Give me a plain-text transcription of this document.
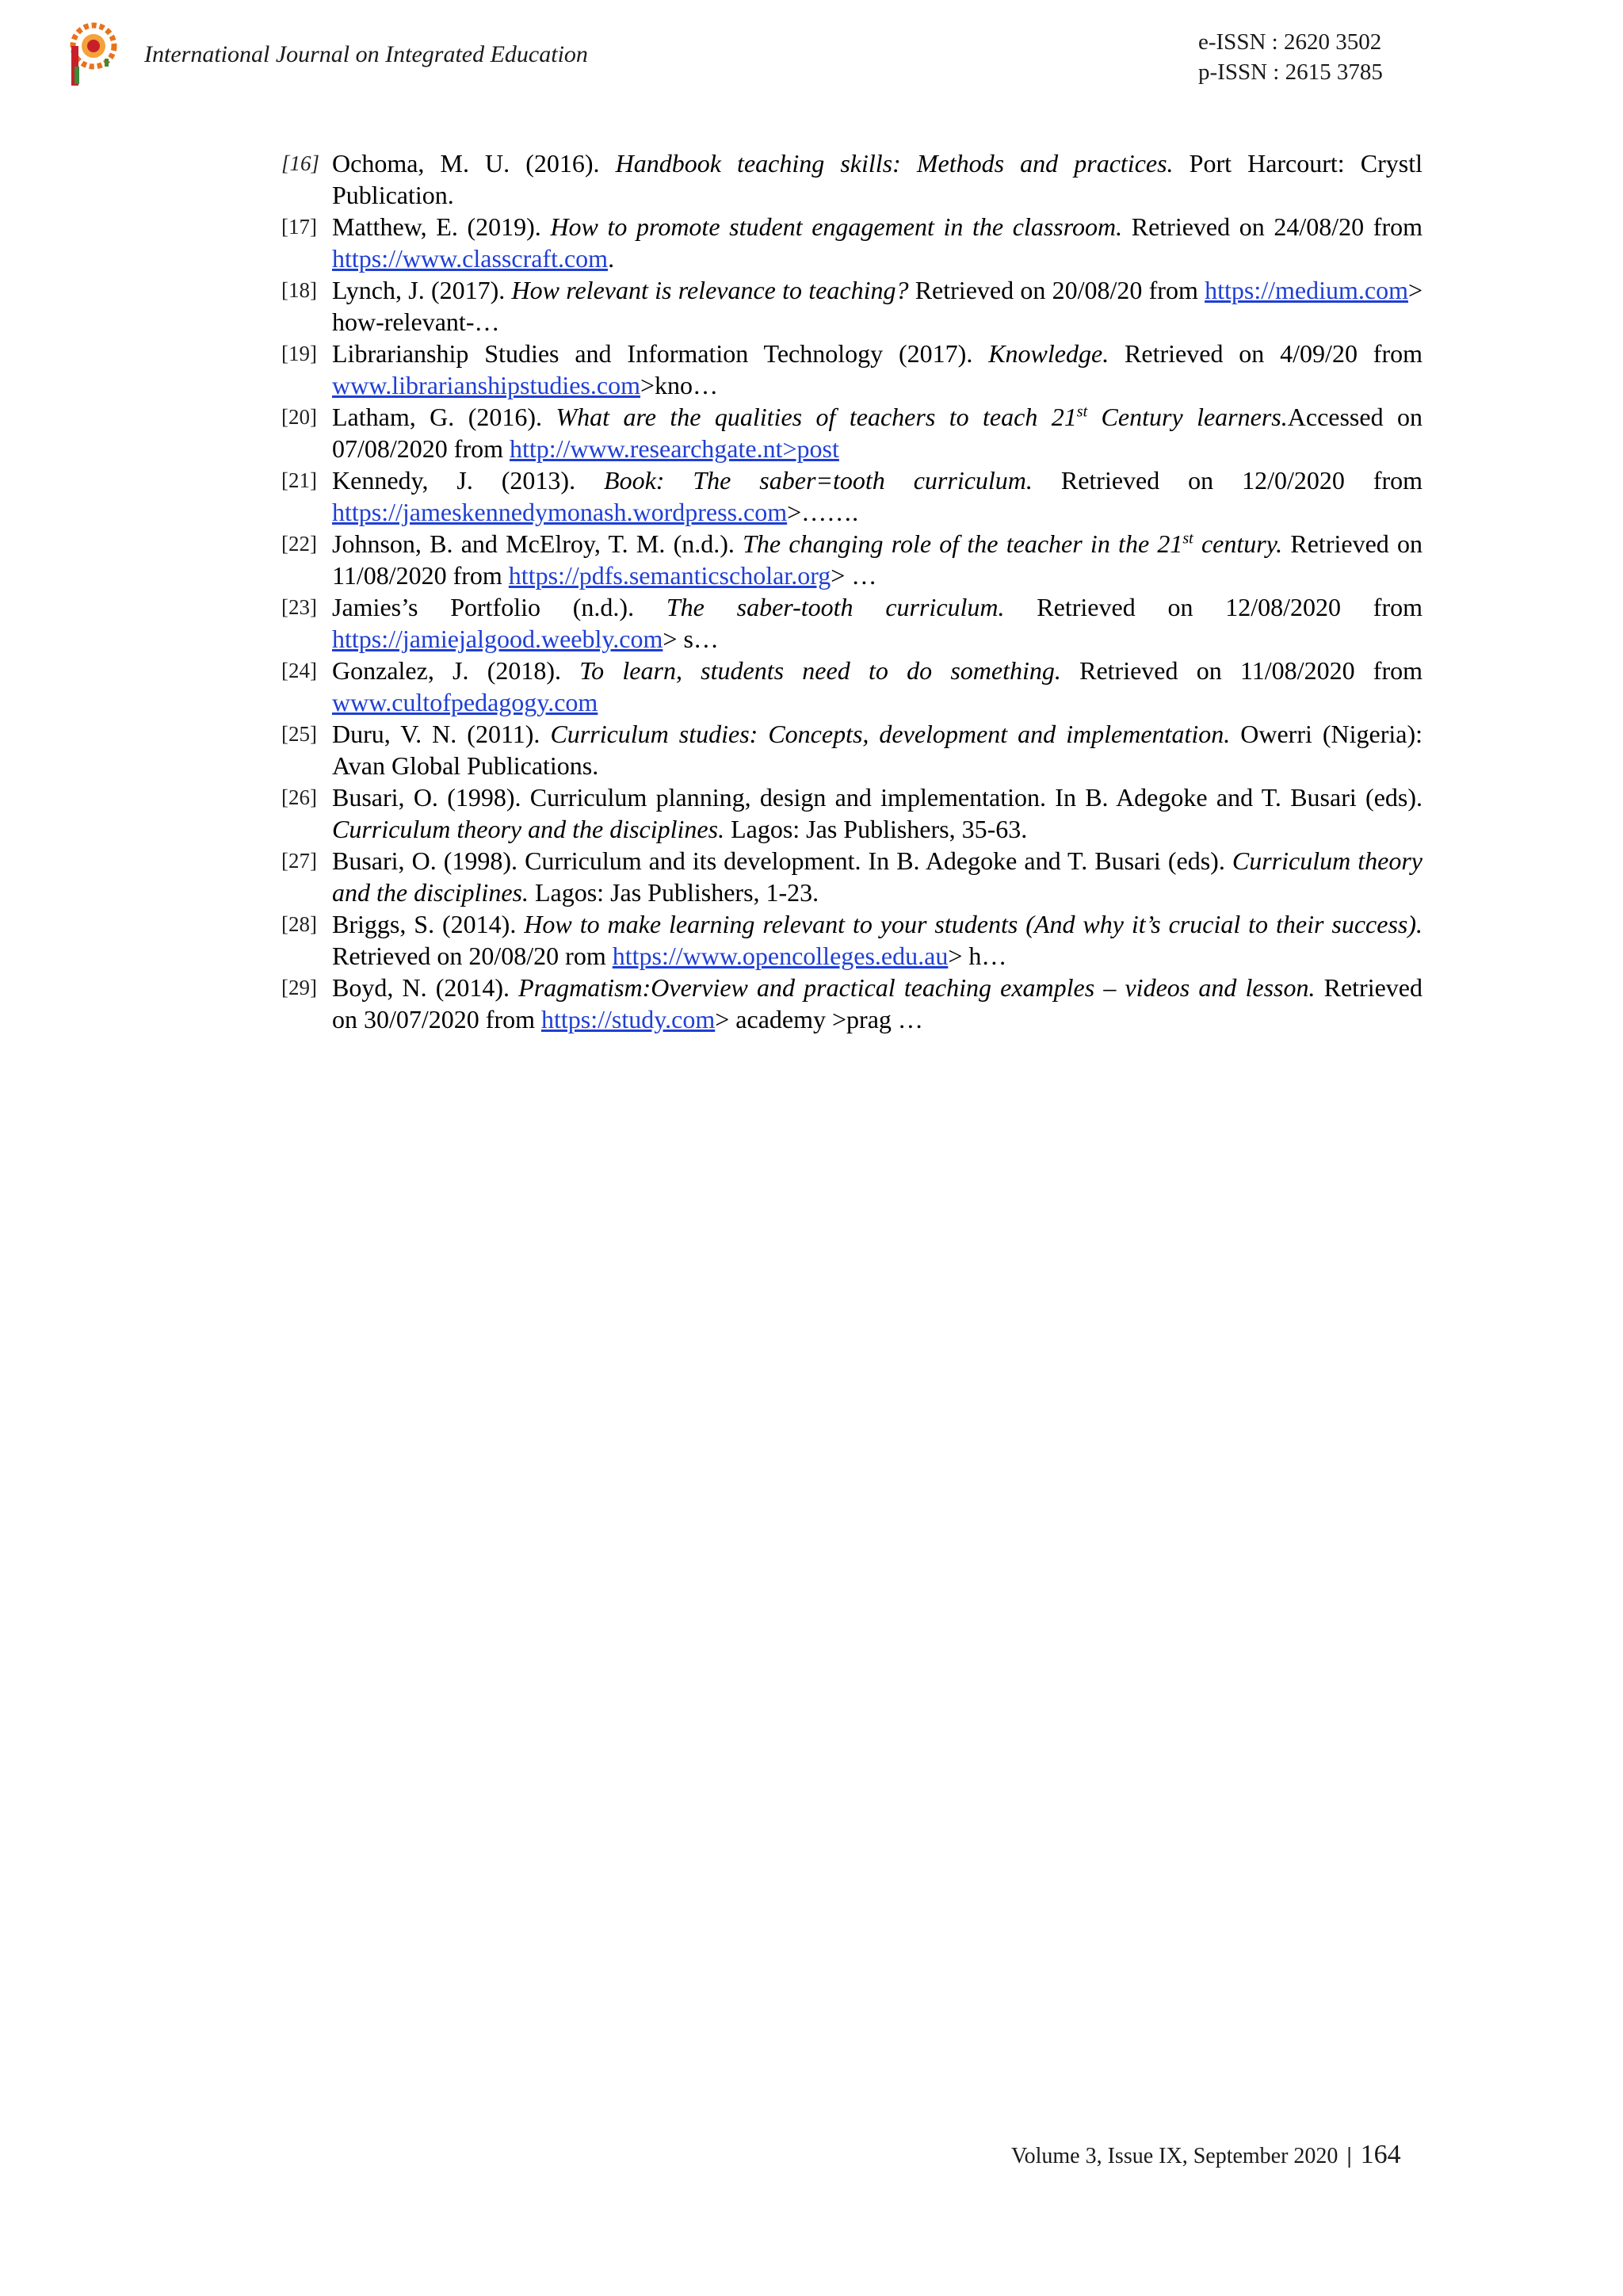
International Journal on Integrated Education	e-ISSN : 2620 3502
p-ISSN : 2615 3785
[16] Ochoma, M. U. (2016). Handbook teaching skills: Methods and practices. Port Harcourt: Crystl Publication.
[17] Matthew, E. (2019). How to promote student engagement in the classroom. Retrieved on 24/08/20 from https://www.classcraft.com.
[18] Lynch, J. (2017). How relevant is relevance to teaching? Retrieved on 20/08/20 from https://medium.com> how-relevant-…
[19] Librarianship Studies and Information Technology (2017). Knowledge. Retrieved on 4/09/20 from www.librarianshipstudies.com>kno…
[20] Latham, G. (2016). What are the qualities of teachers to teach 21st Century learners.Accessed on 07/08/2020 from http://www.researchgate.nt>post
[21] Kennedy, J. (2013). Book: The saber=tooth curriculum. Retrieved on 12/0/2020 from https://jameskennedymonash.wordpress.com>…….
[22] Johnson, B. and McElroy, T. M. (n.d.). The changing role of the teacher in the 21st century. Retrieved on 11/08/2020 from https://pdfs.semanticscholar.org> …
[23] Jamies’s Portfolio (n.d.). The saber-tooth curriculum. Retrieved on 12/08/2020 from https://jamiejalgood.weebly.com> s…
[24] Gonzalez, J. (2018). To learn, students need to do something. Retrieved on 11/08/2020 from www.cultofpedagogy.com
[25] Duru, V. N. (2011). Curriculum studies: Concepts, development and implementation. Owerri (Nigeria): Avan Global Publications.
[26] Busari, O. (1998). Curriculum planning, design and implementation. In B. Adegoke and T. Busari (eds). Curriculum theory and the disciplines. Lagos: Jas Publishers, 35-63.
[27] Busari, O. (1998). Curriculum and its development. In B. Adegoke and T. Busari (eds). Curriculum theory and the disciplines. Lagos: Jas Publishers, 1-23.
[28] Briggs, S. (2014). How to make learning relevant to your students (And why it’s crucial to their success). Retrieved on 20/08/20 rom https://www.opencolleges.edu.au> h…
[29] Boyd, N. (2014). Pragmatism:Overview and practical teaching examples – videos and lesson. Retrieved on 30/07/2020 from https://study.com> academy >prag …
Volume 3, Issue IX, September 2020 | 164
